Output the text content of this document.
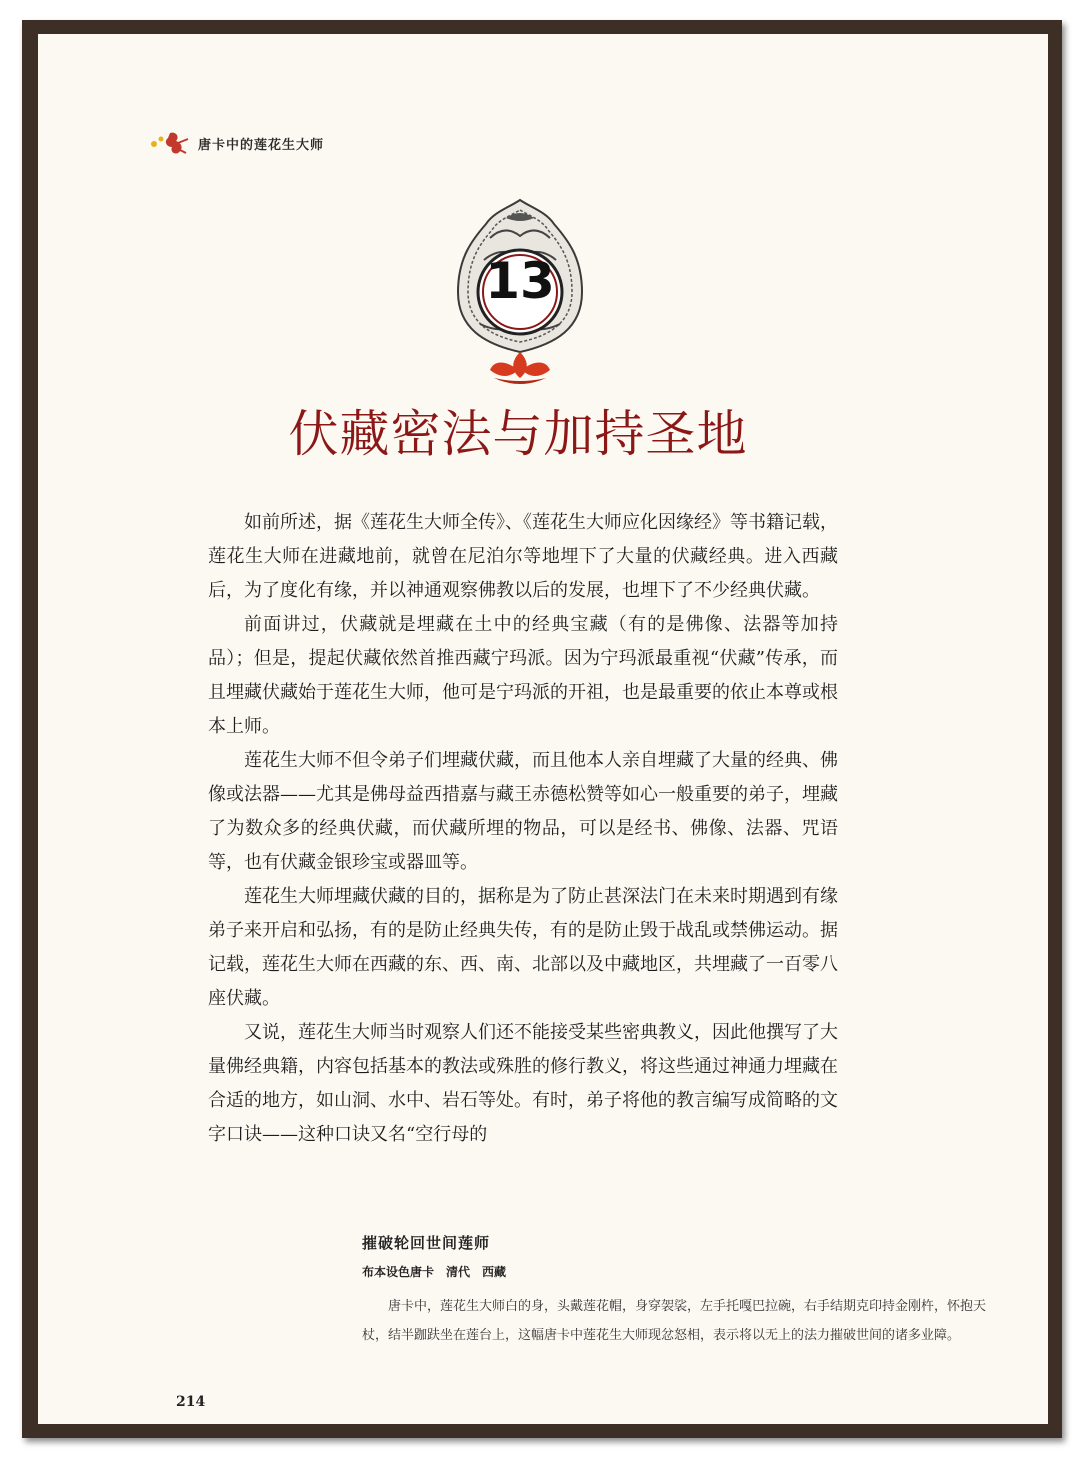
唐卡中的莲花生大师
13
伏藏密法与加持圣地

如前所述，据《莲花生大师全传》、《莲花生大师应化因缘经》等书籍记载，莲花生大师在进藏地前，就曾在尼泊尔等地埋下了大量的伏藏经典。进入西藏后，为了度化有缘，并以神通观察佛教以后的发展，也埋下了不少经典伏藏。

前面讲过，伏藏就是埋藏在土中的经典宝藏（有的是佛像、法器等加持品）；但是，提起伏藏依然首推西藏宁玛派。因为宁玛派最重视“伏藏”传承，而且埋藏伏藏始于莲花生大师，他可是宁玛派的开祖，也是最重要的依止本尊或根本上师。

莲花生大师不但令弟子们埋藏伏藏，而且他本人亲自埋藏了大量的经典、佛像或法器——尤其是佛母益西措嘉与藏王赤德松赞等如心一般重要的弟子，埋藏了为数众多的经典伏藏，而伏藏所埋的物品，可以是经书、佛像、法器、咒语等，也有伏藏金银珍宝或器皿等。

莲花生大师埋藏伏藏的目的，据称是为了防止甚深法门在未来时期遇到有缘弟子来开启和弘扬，有的是防止经典失传，有的是防止毁于战乱或禁佛运动。据记载，莲花生大师在西藏的东、西、南、北部以及中藏地区，共埋藏了一百零八座伏藏。

又说，莲花生大师当时观察人们还不能接受某些密典教义，因此他撰写了大量佛经典籍，内容包括基本的教法或殊胜的修行教义，将这些通过神通力埋藏在合适的地方，如山洞、水中、岩石等处。有时，弟子将他的教言编写成简略的文字口诀——这种口诀又名“空行母的

摧破轮回世间莲师
布本设色唐卡　清代　西藏
唐卡中，莲花生大师白的身，头戴莲花帽，身穿袈裟，左手托嘎巴拉碗，右手结期克印持金刚杵，怀抱天杖，结半跏趺坐在莲台上，这幅唐卡中莲花生大师现忿怒相，表示将以无上的法力摧破世间的诸多业障。
214
